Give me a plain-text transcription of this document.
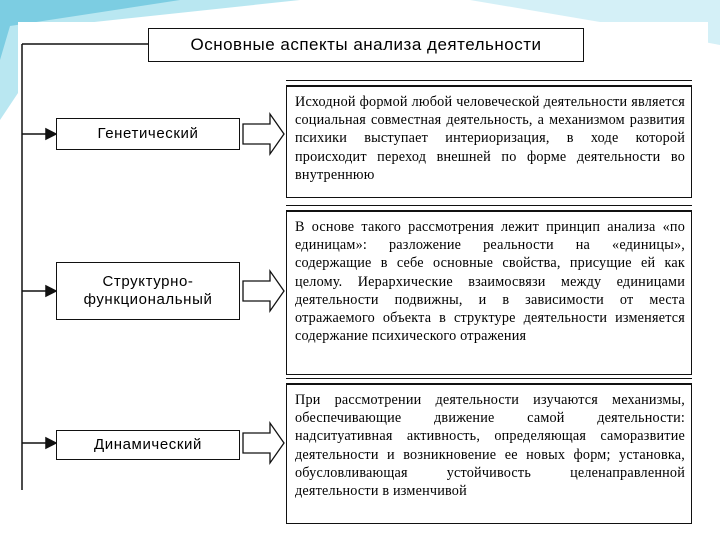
Основные аспекты анализа деятельности
Генетический

Исходной формой любой человеческой деятельности является социальная совместная деятельность, а механизмом развития психики выступает интериоризация, в ходе которой происходит переход внешней по форме деятельности во внутреннюю

Структурно-функциональный

В основе такого рассмотрения лежит принцип анализа «по единицам»: разложение реальности на «единицы», содержащие в себе основные свойства, присущие ей как целому. Иерархические взаимосвязи между единицами деятельности подвижны, и в зависимости от места отражаемого объекта в структуре деятельности изменяется содержание психического отражения

Динамический

При рассмотрении деятельности изучаются механизмы, обеспечивающие движение самой деятельности: надситуативная активность, определяющая саморазвитие деятельности и возникновение ее новых форм; установка, обусловливающая устойчивость целенаправленной деятельности в изменчивой
